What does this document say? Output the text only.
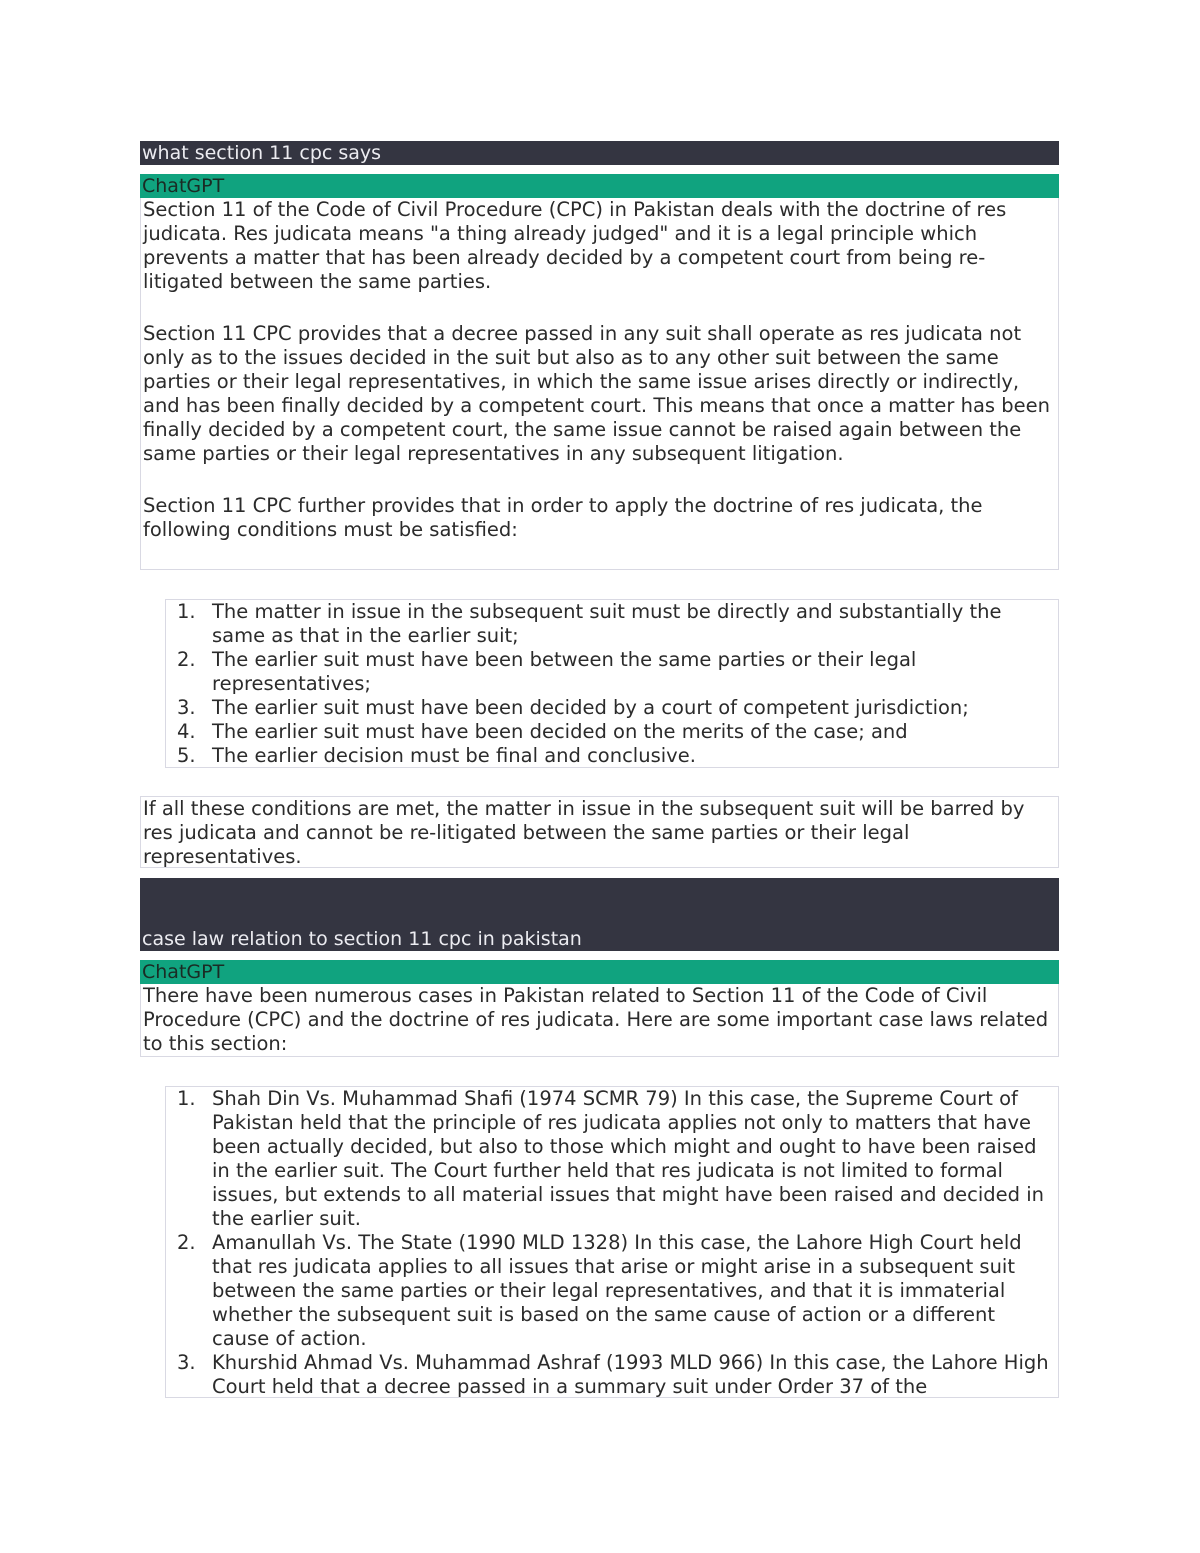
what section 11 cpc says
ChatGPT

Section 11 of the Code of Civil Procedure (CPC) in Pakistan deals with the doctrine of res judicata. Res judicata means "a thing already judged" and it is a legal principle which prevents a matter that has been already decided by a competent court from being re-litigated between the same parties.

Section 11 CPC provides that a decree passed in any suit shall operate as res judicata not only as to the issues decided in the suit but also as to any other suit between the same parties or their legal representatives, in which the same issue arises directly or indirectly, and has been finally decided by a competent court. This means that once a matter has been finally decided by a competent court, the same issue cannot be raised again between the same parties or their legal representatives in any subsequent litigation.

Section 11 CPC further provides that in order to apply the doctrine of res judicata, the following conditions must be satisfied:

1. The matter in issue in the subsequent suit must be directly and substantially the same as that in the earlier suit;
2. The earlier suit must have been between the same parties or their legal representatives;
3. The earlier suit must have been decided by a court of competent jurisdiction;
4. The earlier suit must have been decided on the merits of the case; and
5. The earlier decision must be final and conclusive.

If all these conditions are met, the matter in issue in the subsequent suit will be barred by res judicata and cannot be re-litigated between the same parties or their legal representatives.

case law relation to section 11 cpc in pakistan
ChatGPT

There have been numerous cases in Pakistan related to Section 11 of the Code of Civil Procedure (CPC) and the doctrine of res judicata. Here are some important case laws related to this section:

1. Shah Din Vs. Muhammad Shafi (1974 SCMR 79) In this case, the Supreme Court of Pakistan held that the principle of res judicata applies not only to matters that have been actually decided, but also to those which might and ought to have been raised in the earlier suit. The Court further held that res judicata is not limited to formal issues, but extends to all material issues that might have been raised and decided in the earlier suit.
2. Amanullah Vs. The State (1990 MLD 1328) In this case, the Lahore High Court held that res judicata applies to all issues that arise or might arise in a subsequent suit between the same parties or their legal representatives, and that it is immaterial whether the subsequent suit is based on the same cause of action or a different cause of action.
3. Khurshid Ahmad Vs. Muhammad Ashraf (1993 MLD 966) In this case, the Lahore High Court held that a decree passed in a summary suit under Order 37 of the
